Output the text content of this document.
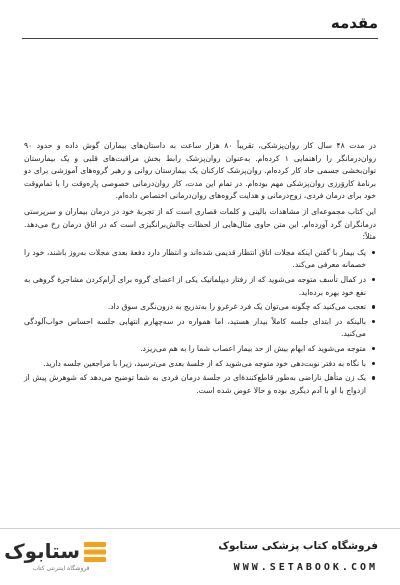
مقدمه

در مدت ۴۸ سال کار روان‌پزشکی، تقریباً ۸۰ هزار ساعت به داستان‌های بیماران گوش داده و حدود ۹۰ روان‌درمانگر را راهنمایی ۱ کرده‌ام. به‌عنوان روان‌پزشک رابط بخش مراقبت‌های قلبی و یک بیمارستان توان‌بخشی جسمی حاد کار کرده‌ام. روان‌پزشک کارکنان یک بیمارستان روانی و رهبر گروه‌های آموزشی برای دو برنامهٔ کاروَرزی روان‌پزشکی مهم بوده‌ام. در تمام این مدت، کار روان‌درمانی خصوصی پاره‌وقت را با تمام‌وقت خود برای درمان فردی، زوج‌درمانی و هدایت گروه‌های روان‌درمانی اختصاص داده‌ام.

این کتاب مجموعه‌ای از مشاهدات بالینی و کلمات قصاری است که از تجربهٔ خود در درمان بیماران و سرپرستی درمانگران گرد آورده‌ام. این متن حاوی مثال‌هایی از لحظات چالش‌برانگیزی است که در اتاق درمان رخ می‌دهد. مثلاً:

یک بیمار با گفتن اینکه مجلات اتاق انتظار قدیمی شده‌اند و انتظار دارد دفعهٔ بعدی مجلات به‌روز باشند، خود را خصمانه معرفی می‌کند.
در کمال تأسف متوجه می‌شوید که از رفتار دیپلماتیک یکی از اعضای گروه برای آرام‌کردن مشاجرهٔ گروهی به نفع خود بهره برده‌اید.
تعجب می‌کنید که چگونه می‌توان یک فرد غرغرو را به‌تدریج به درون‌نگری سوق داد.
بالینکه در ابتدای جلسه کاملاً بیدار هستید، اما همواره در سه‌چهارم انتهایی جلسه احساس خواب‌آلودگی می‌کنید.
متوجه می‌شوید که ابهام بیش از حد بیمار اعصاب شما را به هم می‌ریزد.
با نگاه به دفتر نوبت‌دهی خود متوجه می‌شوید که از جلسهٔ بعدی می‌ترسید، زیرا با مراجعین جلسه دارید.
یک زن متأهل ناراضی به‌طور قاطع‌کنندهٔ‌ای در جلسهٔ درمان فردی به شما توضیح می‌دهد که شوهرش پیش از ازدواج با او با آدم دیگری بوده و حالا عوض شده است.
ستابوک
فروشگاه اینترنتی کتاب
فروشگاه کتاب پزشکی ستابوک
WWW.SETABOOK.COM
